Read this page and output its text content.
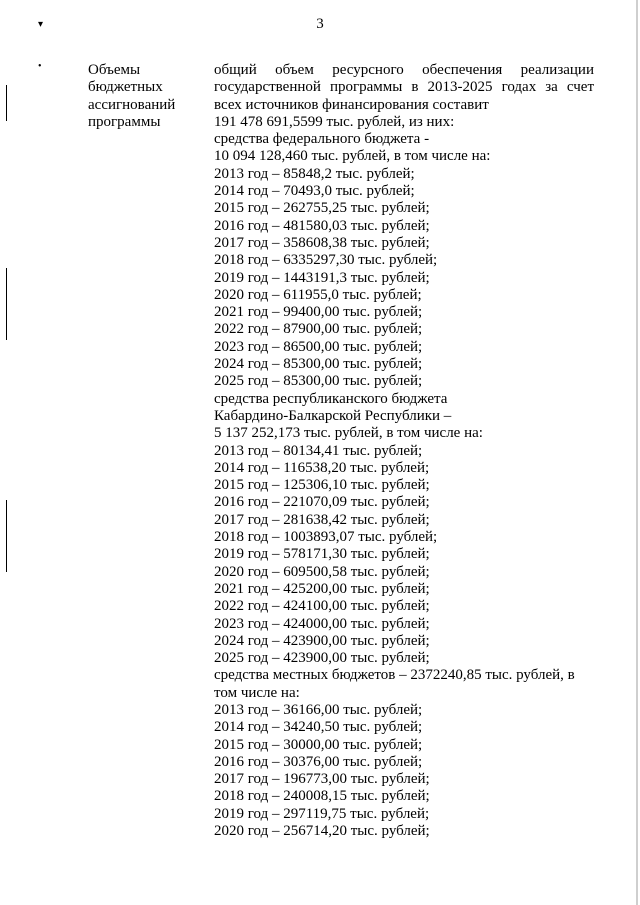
3
Объемы
бюджетных
ассигнований
программы
общий объем ресурсного обеспечения реализации
государственной программы в 2013-2025 годах за счет
всех источников финансирования составит
191 478 691,5599 тыс. рублей, из них:
средства федерального бюджета -
10 094 128,460 тыс. рублей, в том числе на:
2013 год – 85848,2 тыс. рублей;
2014 год – 70493,0 тыс. рублей;
2015 год – 262755,25 тыс. рублей;
2016 год – 481580,03 тыс. рублей;
2017 год – 358608,38 тыс. рублей;
2018 год – 6335297,30 тыс. рублей;
2019 год – 1443191,3 тыс. рублей;
2020 год – 611955,0 тыс. рублей;
2021 год – 99400,00 тыс. рублей;
2022 год – 87900,00 тыс. рублей;
2023 год – 86500,00 тыс. рублей;
2024 год – 85300,00 тыс. рублей;
2025 год – 85300,00 тыс. рублей;
средства республиканского бюджета
Кабардино-Балкарской Республики –
5 137 252,173 тыс. рублей, в том числе на:
2013 год – 80134,41 тыс. рублей;
2014 год – 116538,20 тыс. рублей;
2015 год – 125306,10 тыс. рублей;
2016 год – 221070,09 тыс. рублей;
2017 год – 281638,42 тыс. рублей;
2018 год – 1003893,07 тыс. рублей;
2019 год – 578171,30 тыс. рублей;
2020 год – 609500,58 тыс. рублей;
2021 год – 425200,00 тыс. рублей;
2022 год – 424100,00 тыс. рублей;
2023 год – 424000,00 тыс. рублей;
2024 год – 423900,00 тыс. рублей;
2025 год – 423900,00 тыс. рублей;
средства местных бюджетов – 2372240,85 тыс. рублей, в
том числе на:
2013 год – 36166,00 тыс. рублей;
2014 год – 34240,50 тыс. рублей;
2015 год – 30000,00 тыс. рублей;
2016 год – 30376,00 тыс. рублей;
2017 год – 196773,00 тыс. рублей;
2018 год – 240008,15 тыс. рублей;
2019 год – 297119,75 тыс. рублей;
2020 год – 256714,20 тыс. рублей;
▾
•
